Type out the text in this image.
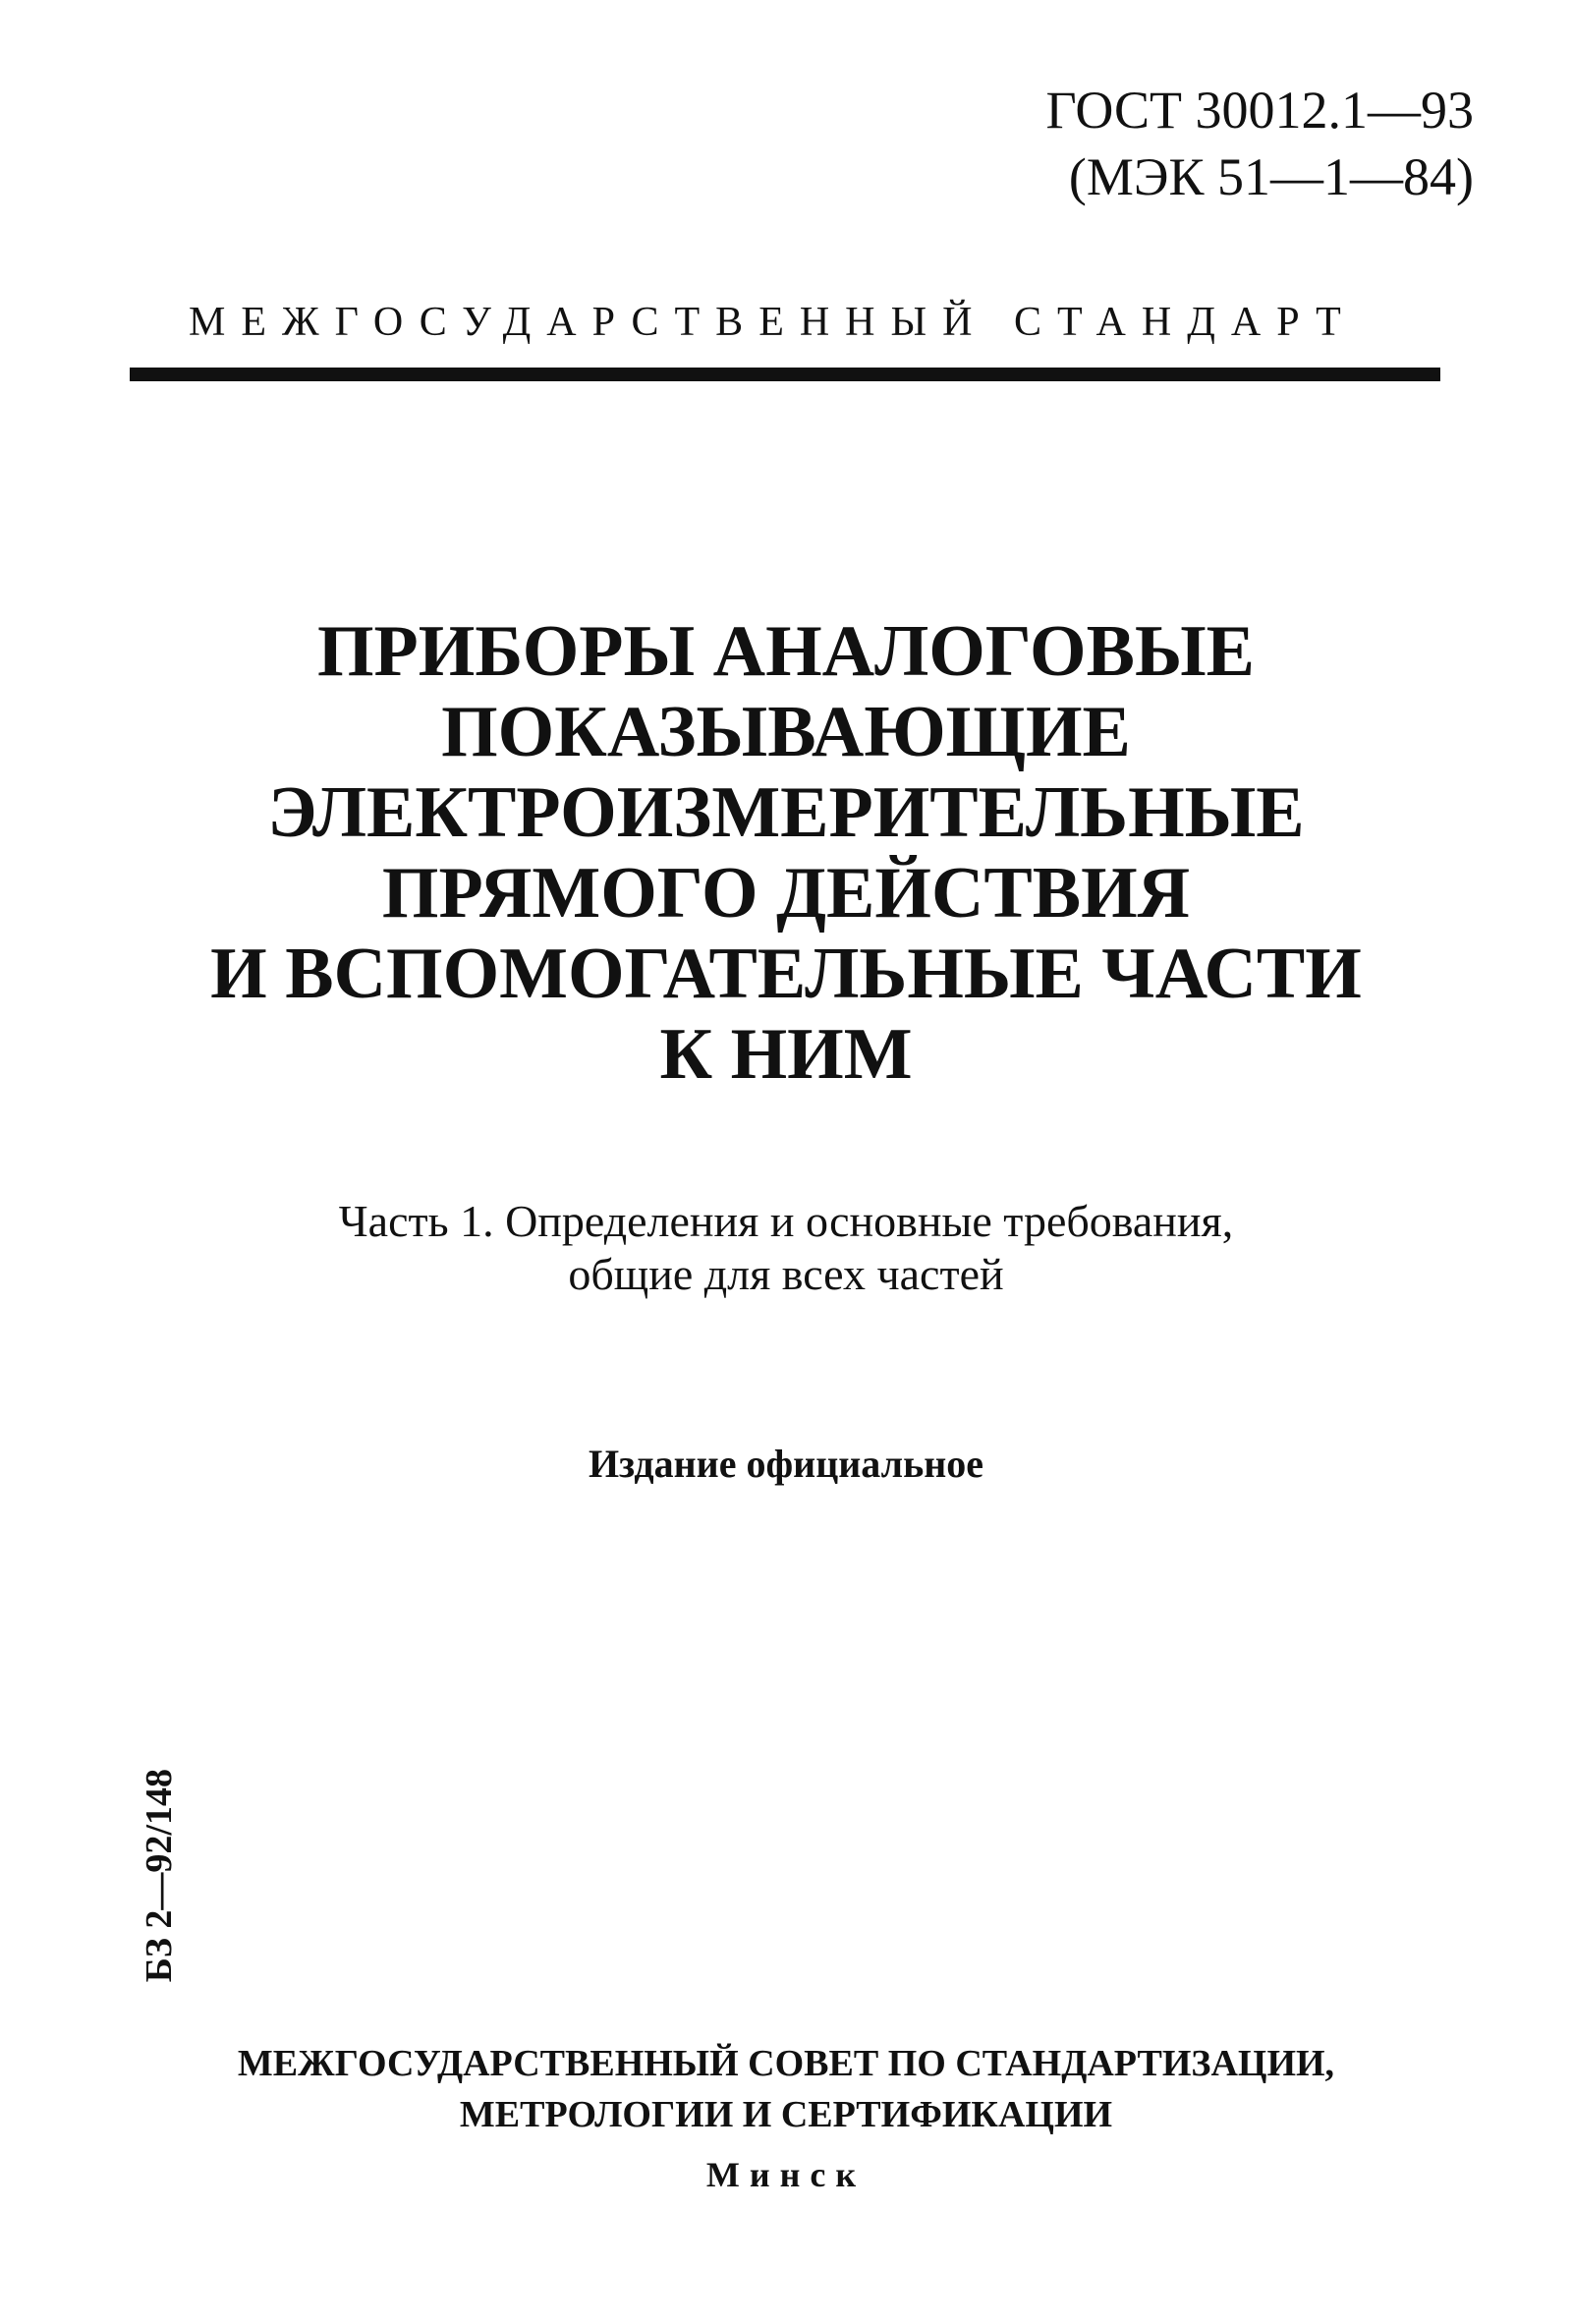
ГОСТ 30012.1—93
(МЭК 51—1—84)
МЕЖГОСУДАРСТВЕННЫЙ СТАНДАРТ
ПРИБОРЫ АНАЛОГОВЫЕ
ПОКАЗЫВАЮЩИЕ
ЭЛЕКТРОИЗМЕРИТЕЛЬНЫЕ
ПРЯМОГО ДЕЙСТВИЯ
И ВСПОМОГАТЕЛЬНЫЕ ЧАСТИ
К НИМ
Часть 1. Определения и основные требования,
общие для всех частей
Издание официальное
БЗ 2—92/148
МЕЖГОСУДАРСТВЕННЫЙ СОВЕТ ПО СТАНДАРТИЗАЦИИ,
МЕТРОЛОГИИ И СЕРТИФИКАЦИИ
Минск
